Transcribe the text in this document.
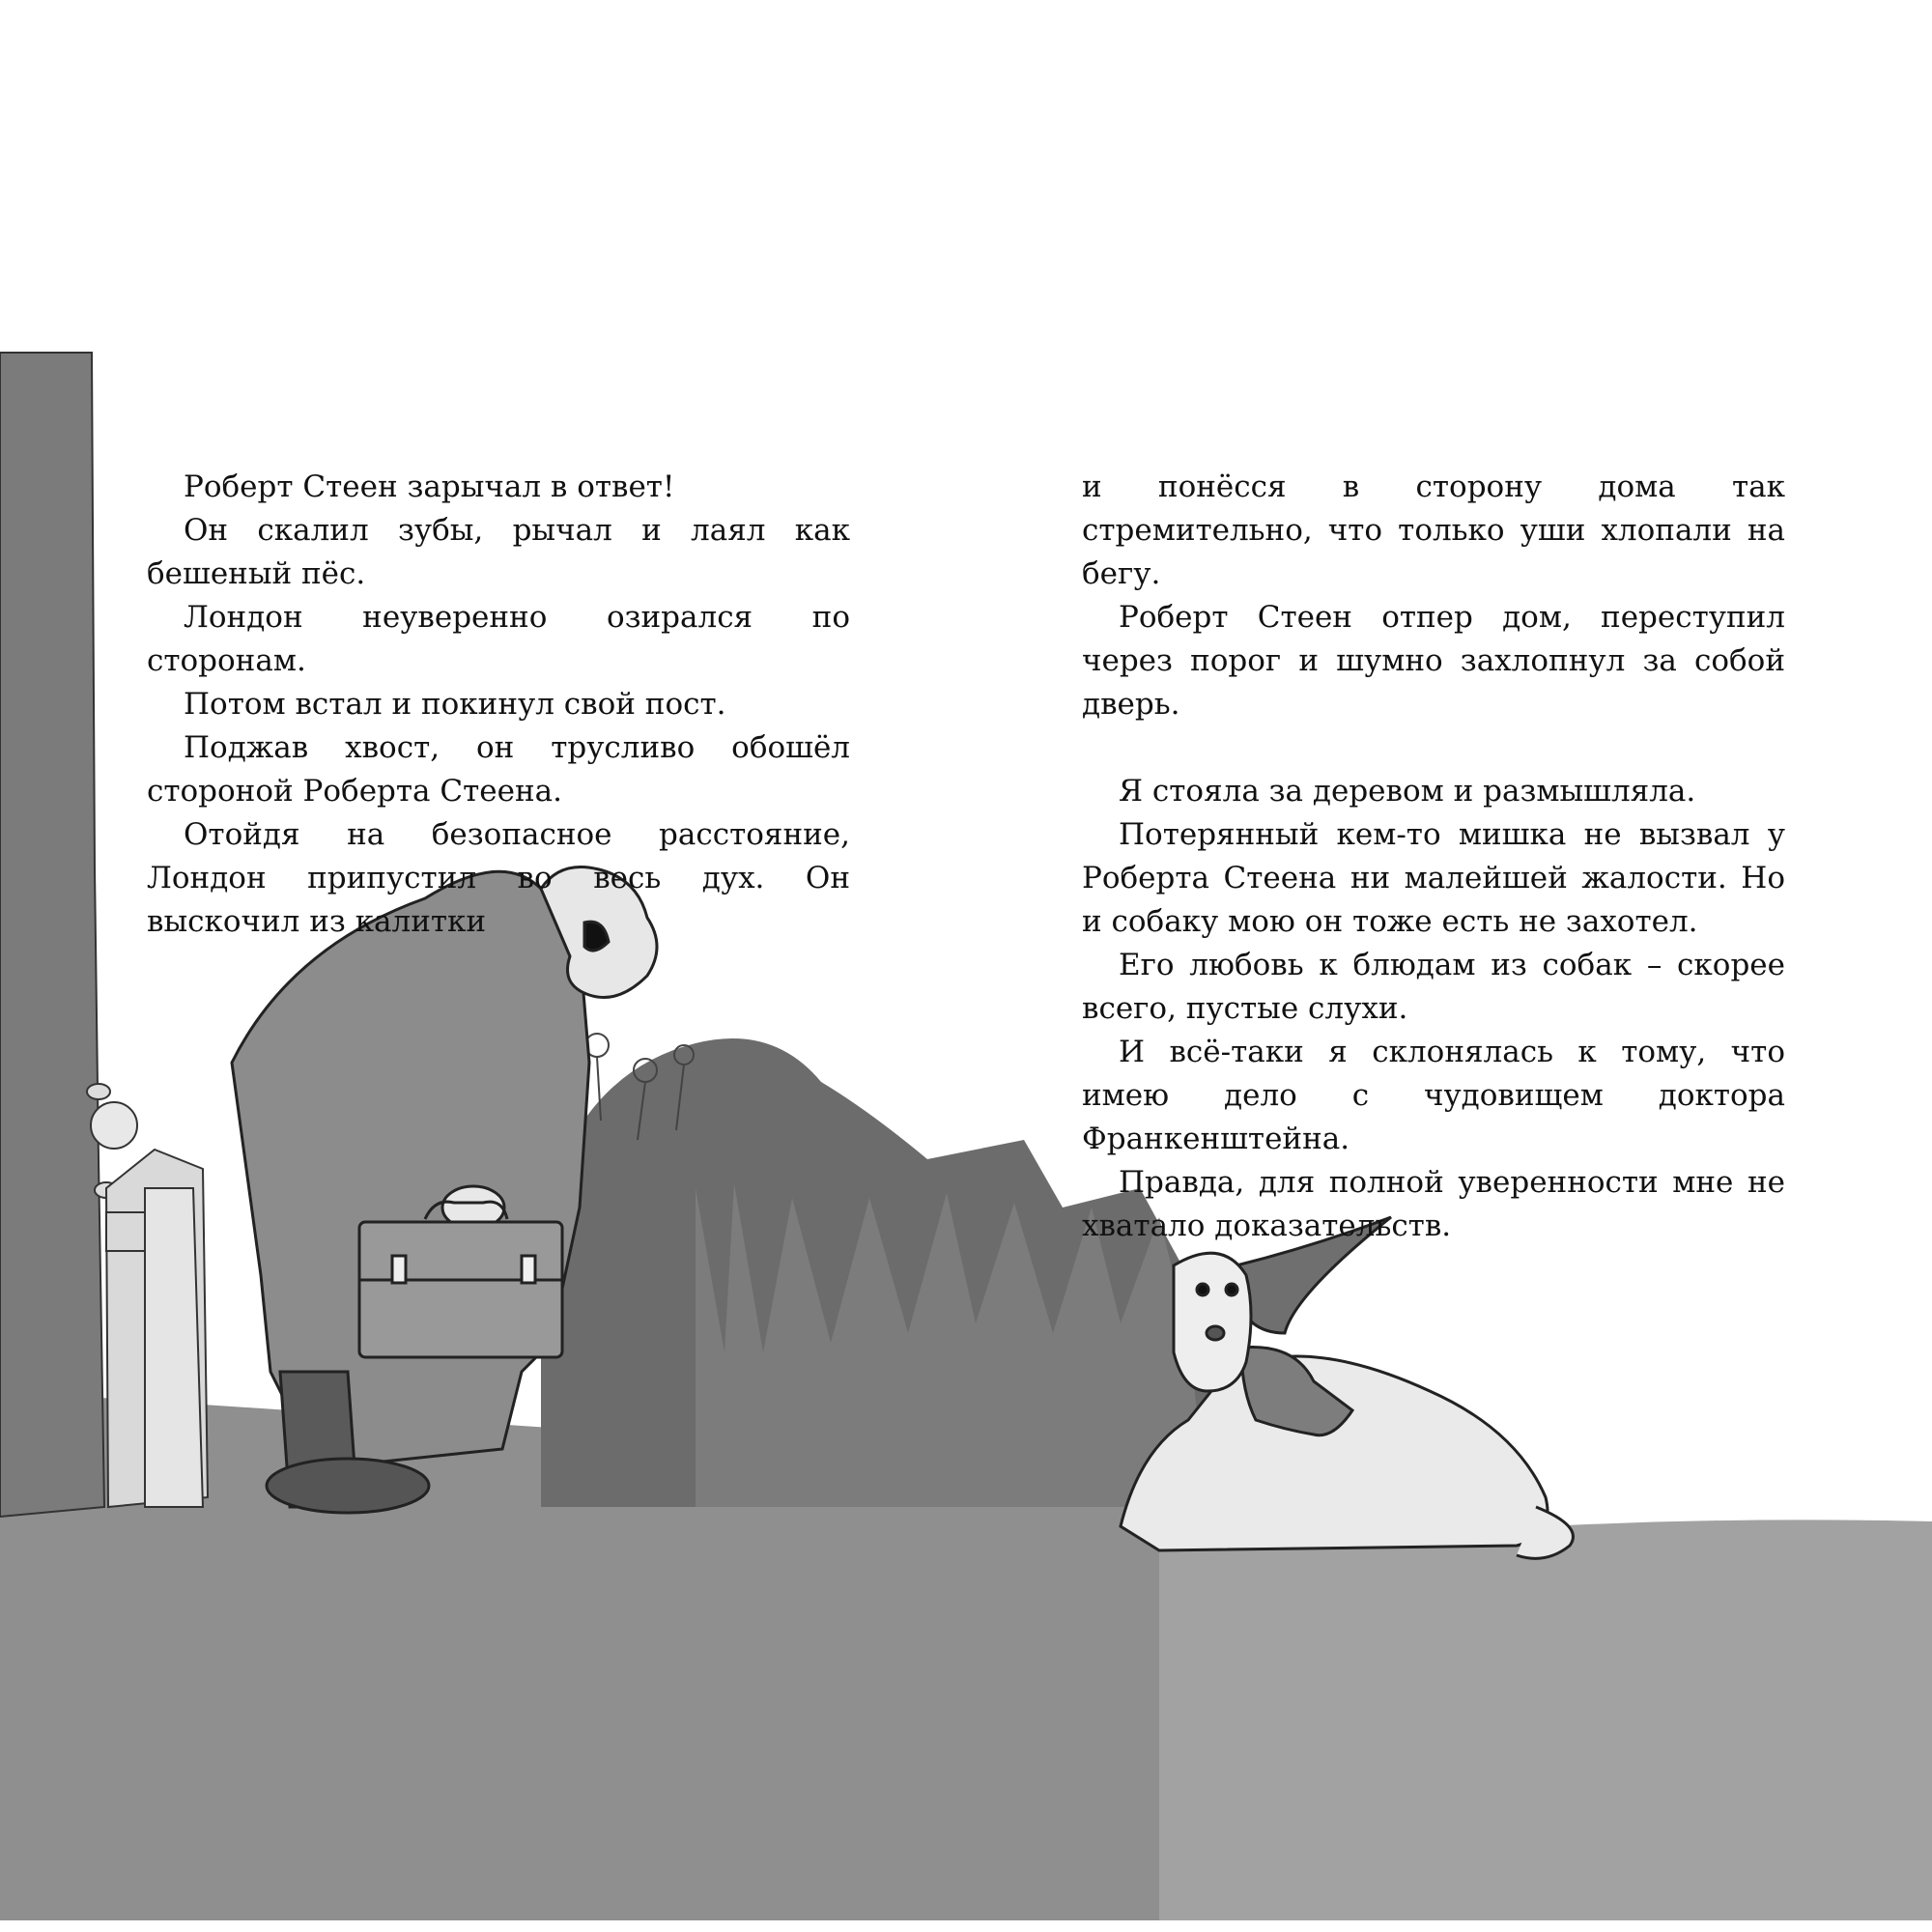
Роберт Стеен зарычал в ответ!

Он скалил зубы, рычал и лаял как бешеный пёс.

Лондон неуверенно озирался по сторонам.

Потом встал и покинул свой пост.

Поджав хвост, он трусливо обошёл стороной Роберта Стеена.

Отойдя на безопасное расстояние, Лондон припустил во весь дух. Он выскочил из калитки

и понёсся в сторону дома так стремительно, что только уши хлопали на бегу.

Роберт Стеен отпер дом, переступил через порог и шумно захлопнул за собой дверь.

Я стояла за деревом и размышляла.

Потерянный кем-то мишка не вызвал у Роберта Стеена ни малейшей жалости. Но и собаку мою он тоже есть не захотел.

Его любовь к блюдам из собак – скорее всего, пустые слухи.

И всё-таки я склонялась к тому, что имею дело с чудовищем доктора Франкенштейна.

Правда, для полной уверенности мне не хватало доказательств.
